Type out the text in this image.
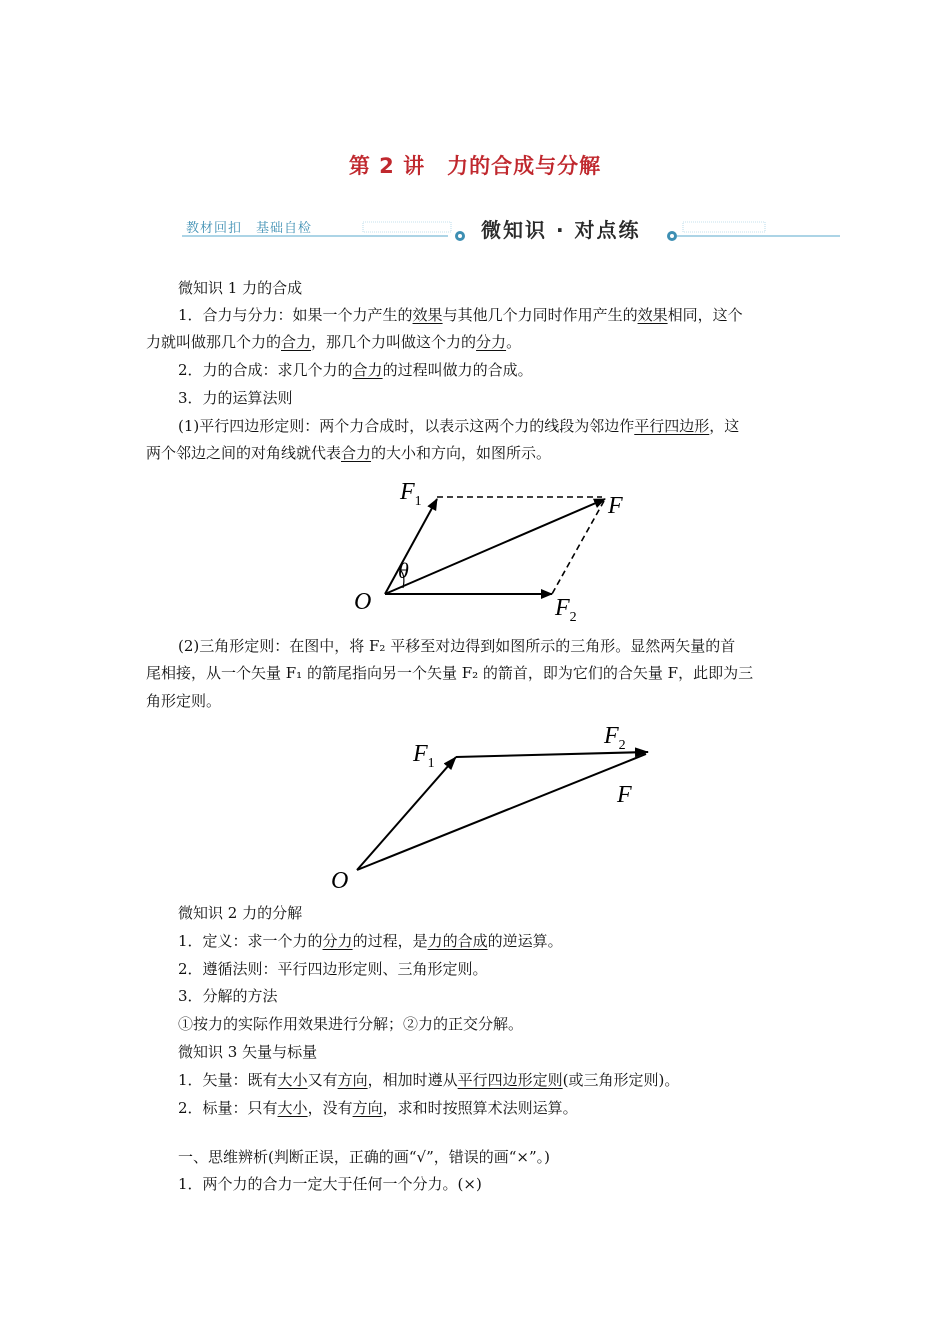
第 2 讲　力的合成与分解
教材回扣　基础自检	微知识 · 对点练
微知识 1 力的合成
1．合力与分力：如果一个力产生的效果与其他几个力同时作用产生的效果相同，这个
力就叫做那几个力的合力，那几个力叫做这个力的分力。
2．力的合成：求几个力的合力的过程叫做力的合成。
3．力的运算法则
(1)平行四边形定则：两个力合成时，以表示这两个力的线段为邻边作平行四边形，这
两个邻边之间的对角线就代表合力的大小和方向，如图所示。
$F_1$	F
$F_2$
O
θ
(2)三角形定则：在图中，将 F₂ 平移至对边得到如图所示的三角形。显然两矢量的首
尾相接，从一个矢量 F₁ 的箭尾指向另一个矢量 F₂ 的箭首，即为它们的合矢量 F，此即为三
角形定则。
$F_1$
$F_2$
F
O
微知识 2 力的分解
1．定义：求一个力的分力的过程，是力的合成的逆运算。
2．遵循法则：平行四边形定则、三角形定则。
3．分解的方法
①按力的实际作用效果进行分解；②力的正交分解。
微知识 3 矢量与标量
1．矢量：既有大小又有方向，相加时遵从平行四边形定则(或三角形定则)。
2．标量：只有大小，没有方向，求和时按照算术法则运算。
一、思维辨析(判断正误，正确的画“√”，错误的画“×”。)
1．两个力的合力一定大于任何一个分力。(×)
